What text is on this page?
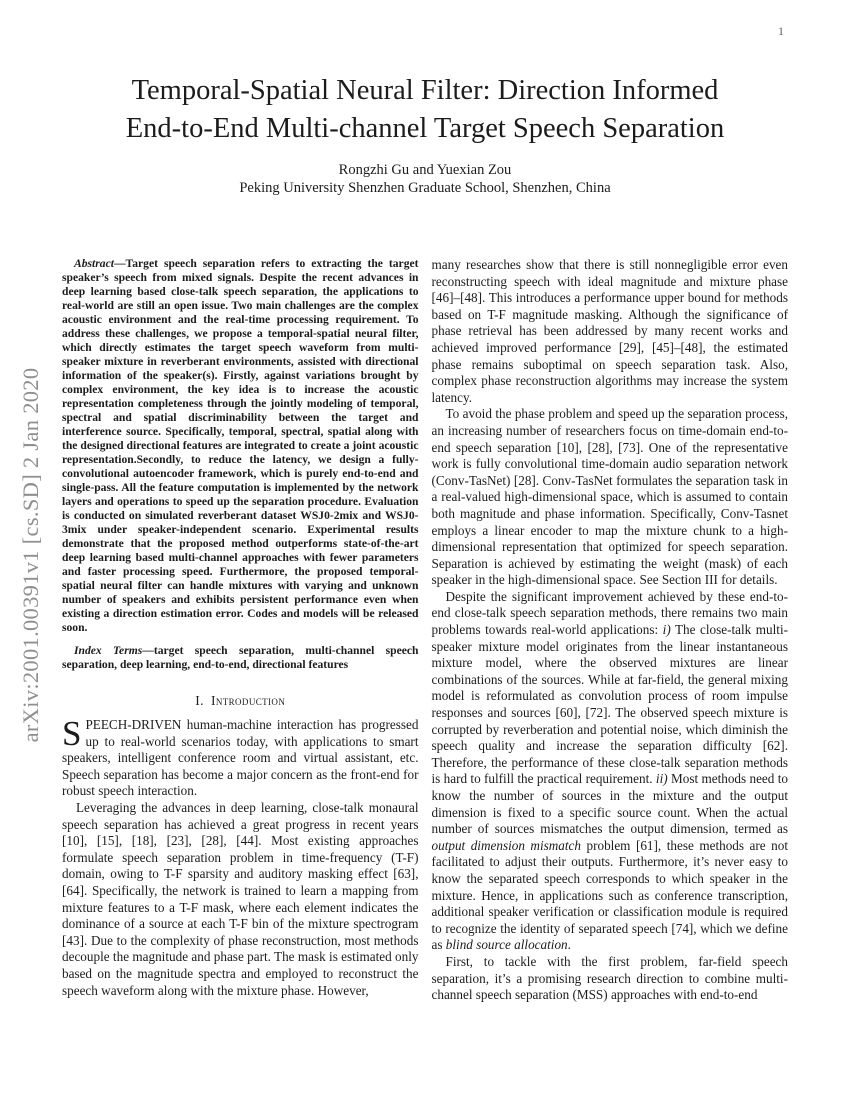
1
arXiv:2001.00391v1 [cs.SD] 2 Jan 2020
Temporal-Spatial Neural Filter: Direction Informed
End-to-End Multi-channel Target Speech Separation
Rongzhi Gu and Yuexian Zou
Peking University Shenzhen Graduate School, Shenzhen, China

Abstract—Target speech separation refers to extracting the target speaker’s speech from mixed signals. Despite the recent advances in deep learning based close-talk speech separation, the applications to real-world are still an open issue. Two main challenges are the complex acoustic environment and the real-time processing requirement. To address these challenges, we propose a temporal-spatial neural filter, which directly estimates the target speech waveform from multi-speaker mixture in reverberant environments, assisted with directional information of the speaker(s). Firstly, against variations brought by complex environment, the key idea is to increase the acoustic representation completeness through the jointly modeling of temporal, spectral and spatial discriminability between the target and interference source. Specifically, temporal, spectral, spatial along with the designed directional features are integrated to create a joint acoustic representation.Secondly, to reduce the latency, we design a fully-convolutional autoencoder framework, which is purely end-to-end and single-pass. All the feature computation is implemented by the network layers and operations to speed up the separation procedure. Evaluation is conducted on simulated reverberant dataset WSJ0-2mix and WSJ0-3mix under speaker-independent scenario. Experimental results demonstrate that the proposed method outperforms state-of-the-art deep learning based multi-channel approaches with fewer parameters and faster processing speed. Furthermore, the proposed temporal-spatial neural filter can handle mixtures with varying and unknown number of speakers and exhibits persistent performance even when existing a direction estimation error. Codes and models will be released soon.

Index Terms—target speech separation, multi-channel speech separation, deep learning, end-to-end, directional features

I. Introduction

SPEECH-DRIVEN human-machine interaction has progressed up to real-world scenarios today, with applications to smart speakers, intelligent conference room and virtual assistant, etc. Speech separation has become a major concern as the front-end for robust speech interaction.

Leveraging the advances in deep learning, close-talk monaural speech separation has achieved a great progress in recent years [10], [15], [18], [23], [28], [44]. Most existing approaches formulate speech separation problem in time-frequency (T-F) domain, owing to T-F sparsity and auditory masking effect [63], [64]. Specifically, the network is trained to learn a mapping from mixture features to a T-F mask, where each element indicates the dominance of a source at each T-F bin of the mixture spectrogram [43]. Due to the complexity of phase reconstruction, most methods decouple the magnitude and phase part. The mask is estimated only based on the magnitude spectra and employed to reconstruct the speech waveform along with the mixture phase. However,

many researches show that there is still nonnegligible error even reconstructing speech with ideal magnitude and mixture phase [46]–[48]. This introduces a performance upper bound for methods based on T-F magnitude masking. Although the significance of phase retrieval has been addressed by many recent works and achieved improved performance [29], [45]–[48], the estimated phase remains suboptimal on speech separation task. Also, complex phase reconstruction algorithms may increase the system latency.

To avoid the phase problem and speed up the separation process, an increasing number of researchers focus on time-domain end-to-end speech separation [10], [28], [73]. One of the representative work is fully convolutional time-domain audio separation network (Conv-TasNet) [28]. Conv-TasNet formulates the separation task in a real-valued high-dimensional space, which is assumed to contain both magnitude and phase information. Specifically, Conv-Tasnet employs a linear encoder to map the mixture chunk to a high-dimensional representation that optimized for speech separation. Separation is achieved by estimating the weight (mask) of each speaker in the high-dimensional space. See Section III for details.

Despite the significant improvement achieved by these end-to-end close-talk speech separation methods, there remains two main problems towards real-world applications: i) The close-talk multi-speaker mixture model originates from the linear instantaneous mixture model, where the observed mixtures are linear combinations of the sources. While at far-field, the general mixing model is reformulated as convolution process of room impulse responses and sources [60], [72]. The observed speech mixture is corrupted by reverberation and potential noise, which diminish the speech quality and increase the separation difficulty [62]. Therefore, the performance of these close-talk separation methods is hard to fulfill the practical requirement. ii) Most methods need to know the number of sources in the mixture and the output dimension is fixed to a specific source count. When the actual number of sources mismatches the output dimension, termed as output dimension mismatch problem [61], these methods are not facilitated to adjust their outputs. Furthermore, it’s never easy to know the separated speech corresponds to which speaker in the mixture. Hence, in applications such as conference transcription, additional speaker verification or classification module is required to recognize the identity of separated speech [74], which we define as blind source allocation.

First, to tackle with the first problem, far-field speech separation, it’s a promising research direction to combine multi-channel speech separation (MSS) approaches with end-to-end
